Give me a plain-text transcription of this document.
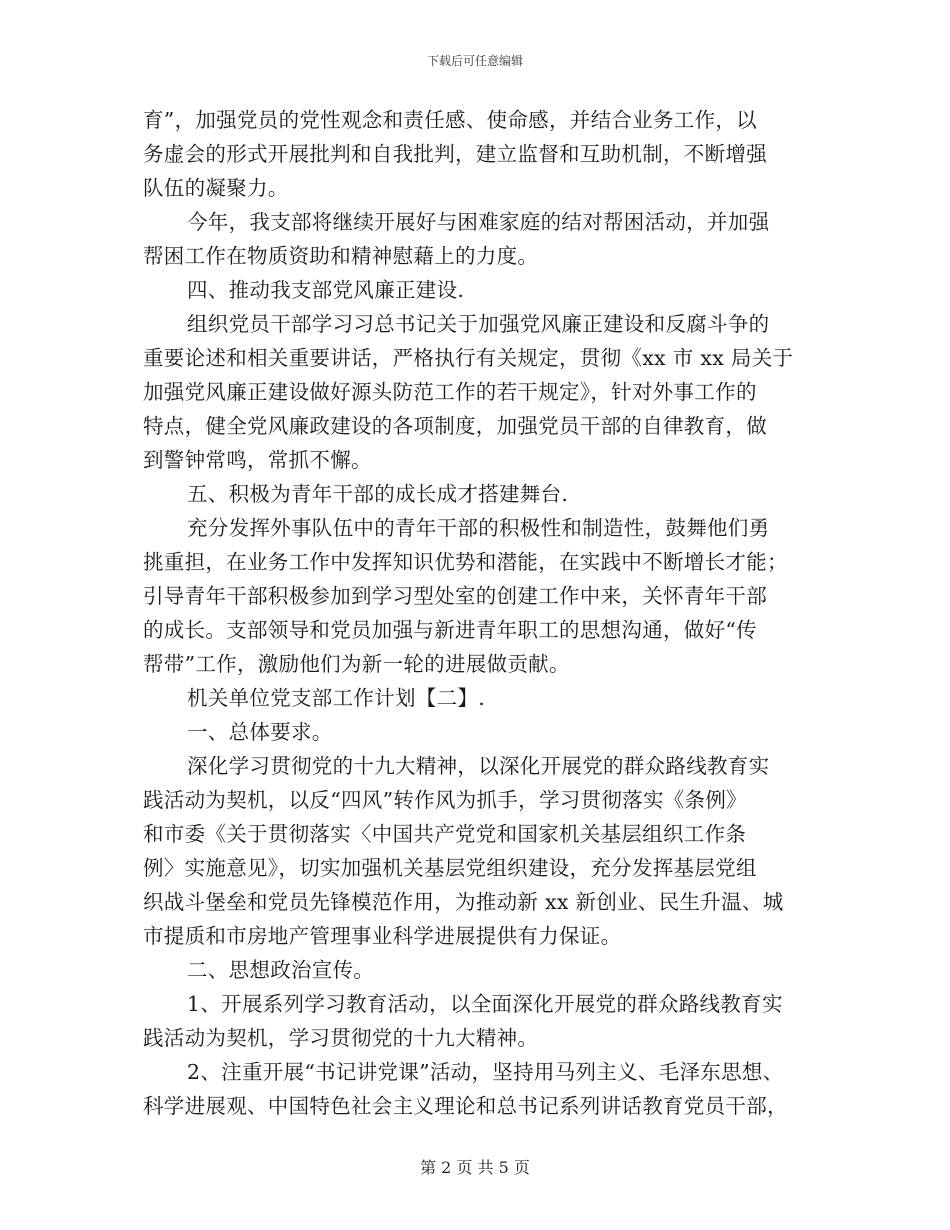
下载后可任意编辑
育”，加强党员的党性观念和责任感、使命感，并结合业务工作，以
务虚会的形式开展批判和自我批判，建立监督和互助机制，不断增强
队伍的凝聚力。
今年，我支部将继续开展好与困难家庭的结对帮困活动，并加强
帮困工作在物质资助和精神慰藉上的力度。
四、推动我支部党风廉正建设.
组织党员干部学习习总书记关于加强党风廉正建设和反腐斗争的
重要论述和相关重要讲话，严格执行有关规定，贯彻《xx 市 xx 局关于
加强党风廉正建设做好源头防范工作的若干规定》，针对外事工作的
特点，健全党风廉政建设的各项制度，加强党员干部的自律教育，做
到警钟常鸣，常抓不懈。
五、积极为青年干部的成长成才搭建舞台.
充分发挥外事队伍中的青年干部的积极性和制造性，鼓舞他们勇
挑重担，在业务工作中发挥知识优势和潜能，在实践中不断增长才能；
引导青年干部积极参加到学习型处室的创建工作中来，关怀青年干部
的成长。支部领导和党员加强与新进青年职工的思想沟通，做好“传
帮带”工作，激励他们为新一轮的进展做贡献。
机关单位党支部工作计划【二】.
一、总体要求。
深化学习贯彻党的十九大精神，以深化开展党的群众路线教育实
践活动为契机，以反“四风”转作风为抓手，学习贯彻落实《条例》
和市委《关于贯彻落实〈中国共产党党和国家机关基层组织工作条
例〉实施意见》，切实加强机关基层党组织建设，充分发挥基层党组
织战斗堡垒和党员先锋模范作用，为推动新 xx 新创业、民生升温、城
市提质和市房地产管理事业科学进展提供有力保证。
二、思想政治宣传。
1、开展系列学习教育活动，以全面深化开展党的群众路线教育实
践活动为契机，学习贯彻党的十九大精神。
2、注重开展“书记讲党课”活动，坚持用马列主义、毛泽东思想、
科学进展观、中国特色社会主义理论和总书记系列讲话教育党员干部，
第 2 页 共 5 页
